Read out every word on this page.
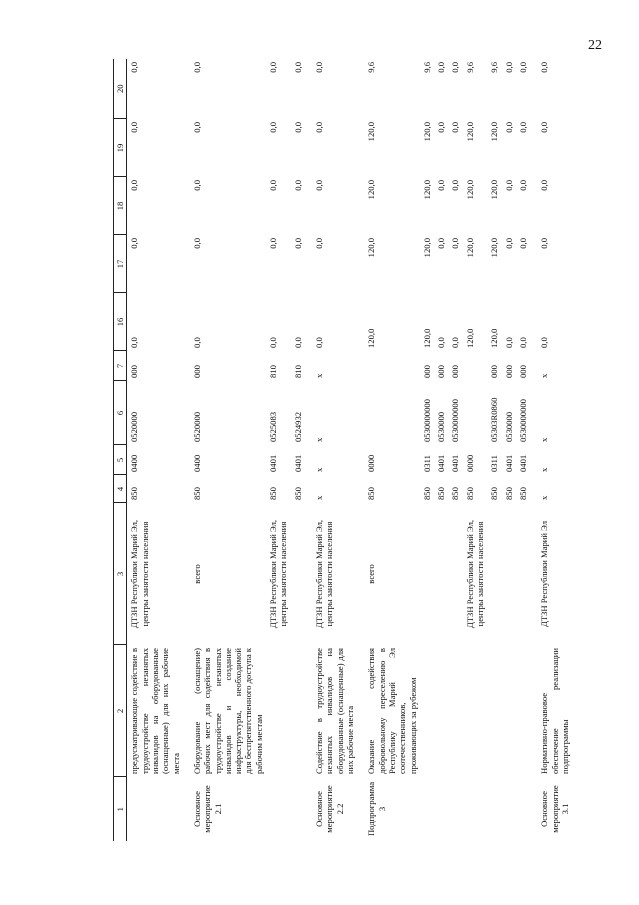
22
1	2	3	4	5	6	7	16	17	18	19	20
	предусматривающие содействие в трудоустройстве незанятых инвалидов на оборудованные (оснащенные) для них рабочие места	ДТЗН Республики Марий Эл, центры занятости населения	850	0400	0520000	000	0,0	0,0	0,0	0,0	0,0
Основное мероприятие 2.1	Оборудование (оснащение) рабочих мест для содействия в трудоустройстве незанятых инвалидов и создание инфраструктуры, необходимой для беспрепятственного доступа к рабочим местам	всего	850	0400	0520000	000	0,0	0,0	0,0	0,0	0,0
		ДТЗН Республики Марий Эл, центры занятости населения	850	0401	0525083	810	0,0	0,0	0,0	0,0	0,0
			850	0401	0524932	810	0,0	0,0	0,0	0,0	0,0
Основное мероприятие 2.2	Содействие в трудоустройстве незанятых инвалидов на оборудованные (оснащенные) для них рабочие места	ДТЗН Республики Марий Эл, центры занятости населения	x	x	x	x	0,0	0,0	0,0	0,0	0,0
Подпрограмма 3	Оказание содействия добровольному переселению в Республику Марий Эл соотечественников, проживающих за рубежом	всего	850	0000			120,0	120,0	120,0	120,0	9,6
			850	0311	0530000000	000	120,0	120,0	120,0	120,0	9,6
			850	0401	0530000	000	0,0	0,0	0,0	0,0	0,0
			850	0401	0530000000	000	0,0	0,0	0,0	0,0	0,0
		ДТЗН Республики Марий Эл, центры занятости населения	850	0000			120,0	120,0	120,0	120,0	9,6
			850	0311	05303R0860	000	120,0	120,0	120,0	120,0	9,6
			850	0401	0530000	000	0,0	0,0	0,0	0,0	0,0
			850	0401	0530000000	000	0,0	0,0	0,0	0,0	0,0
Основное мероприятие 3.1	Нормативно-правовое обеспечение реализации подпрограммы	ДТЗН Республики Марий Эл	x	x	x	x	0,0	0,0	0,0	0,0	0,0
